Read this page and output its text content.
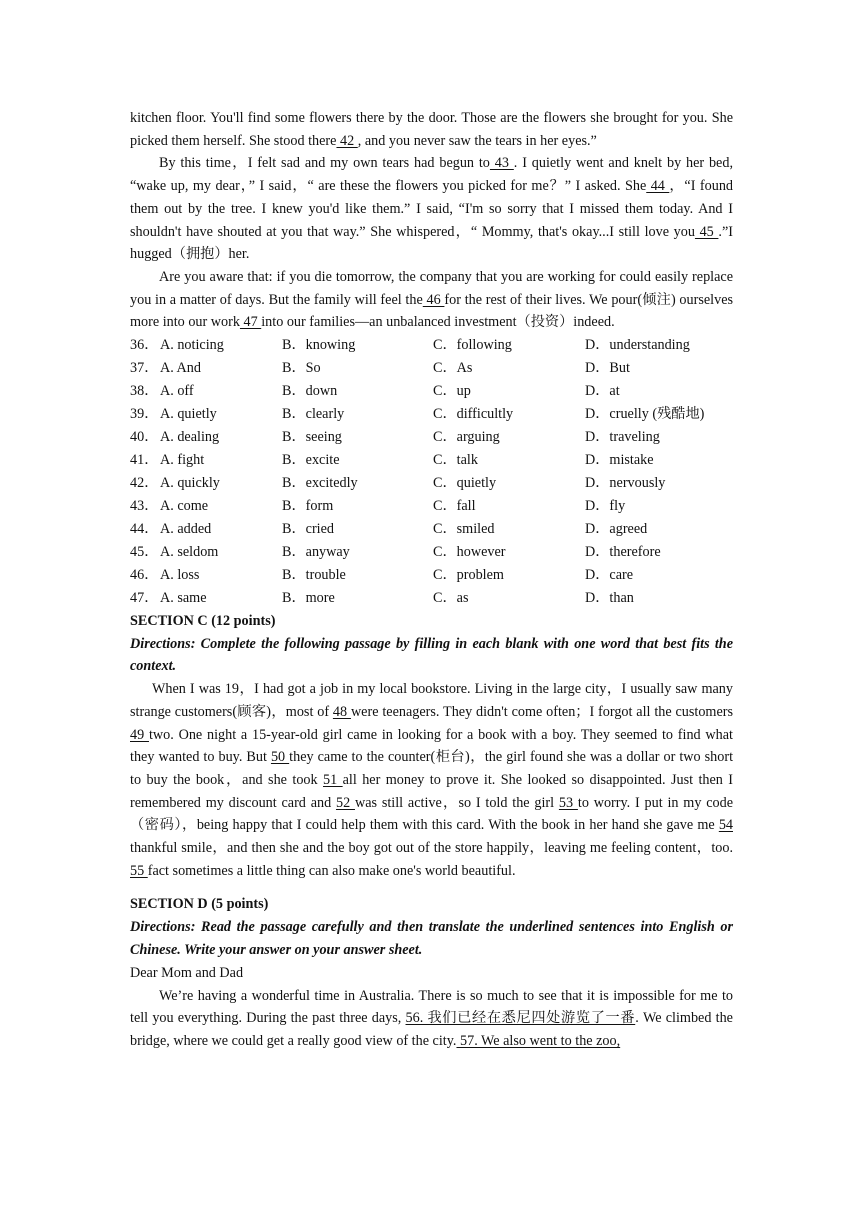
kitchen floor. You'll find some flowers there by the door. Those are the flowers she brought for you. She picked them herself. She stood there 42 , and you never saw the tears in her eyes.”

By this time，I felt sad and my own tears had begun to 43 . I quietly went and knelt by her bed, “wake up, my dear，” I said，“ are these the flowers you picked for me？” I asked. She 44 ，“I found them out by the tree. I knew you'd like them.” I said, “I'm so sorry that I missed them today. And I shouldn't have shouted at you that way.” She whispered，“ Mommy, that's okay...I still love you 45 .”I hugged（拥抱）her.

Are you aware that: if you die tomorrow, the company that you are working for could easily replace you in a matter of days. But the family will feel the 46 for the rest of their lives. We pour(倾注) ourselves more into our work 47 into our families—an unbalanced investment（投资）indeed.

36． A. noticing	B．knowing	C．following	D．understanding
37． A. And	B．So	C．As	D．But
38． A. off	B．down	C．up	D．at
39． A. quietly	B．clearly	C．difficultly	D．cruelly (残酷地)
40． A. dealing	B．seeing	C．arguing	D．traveling
41． A. fight	B．excite	C．talk	D．mistake
42． A. quickly	B．excitedly	C．quietly	D．nervously
43． A. come	B．form	C．fall	D．fly
44． A. added	B．cried	C．smiled	D．agreed
45． A. seldom	B．anyway	C．however	D．therefore
46． A. loss	B．trouble	C．problem	D．care
47． A. same	B．more	C．as	D．than

SECTION C (12 points)

Directions: Complete the following passage by filling in each blank with one word that best fits the context.

When I was 19，I had got a job in my local bookstore. Living in the large city，I usually saw many strange customers(顾客)，most of 48 were teenagers. They didn't come often；I forgot all the customers 49 two. One night a 15-year-old girl came in looking for a book with a boy. They seemed to find what they wanted to buy. But 50 they came to the counter(柜台)，the girl found she was a dollar or two short to buy the book，and she took 51 all her money to prove it. She looked so disappointed. Just then I remembered my discount card and 52 was still active，so I told the girl 53 to worry. I put in my code（密码），being happy that I could help them with this card. With the book in her hand she gave me 54 thankful smile，and then she and the boy got out of the store happily，leaving me feeling content，too. 55 fact sometimes a little thing can also make one's world beautiful.

SECTION D (5 points)

Directions: Read the passage carefully and then translate the underlined sentences into English or Chinese. Write your answer on your answer sheet.

Dear Mom and Dad

We’re having a wonderful time in Australia. There is so much to see that it is impossible for me to tell you everything. During the past three days, 56. 我们已经在悉尼四处游览了一番. We climbed the bridge, where we could get a really good view of the city. 57. We also went to the zoo,
